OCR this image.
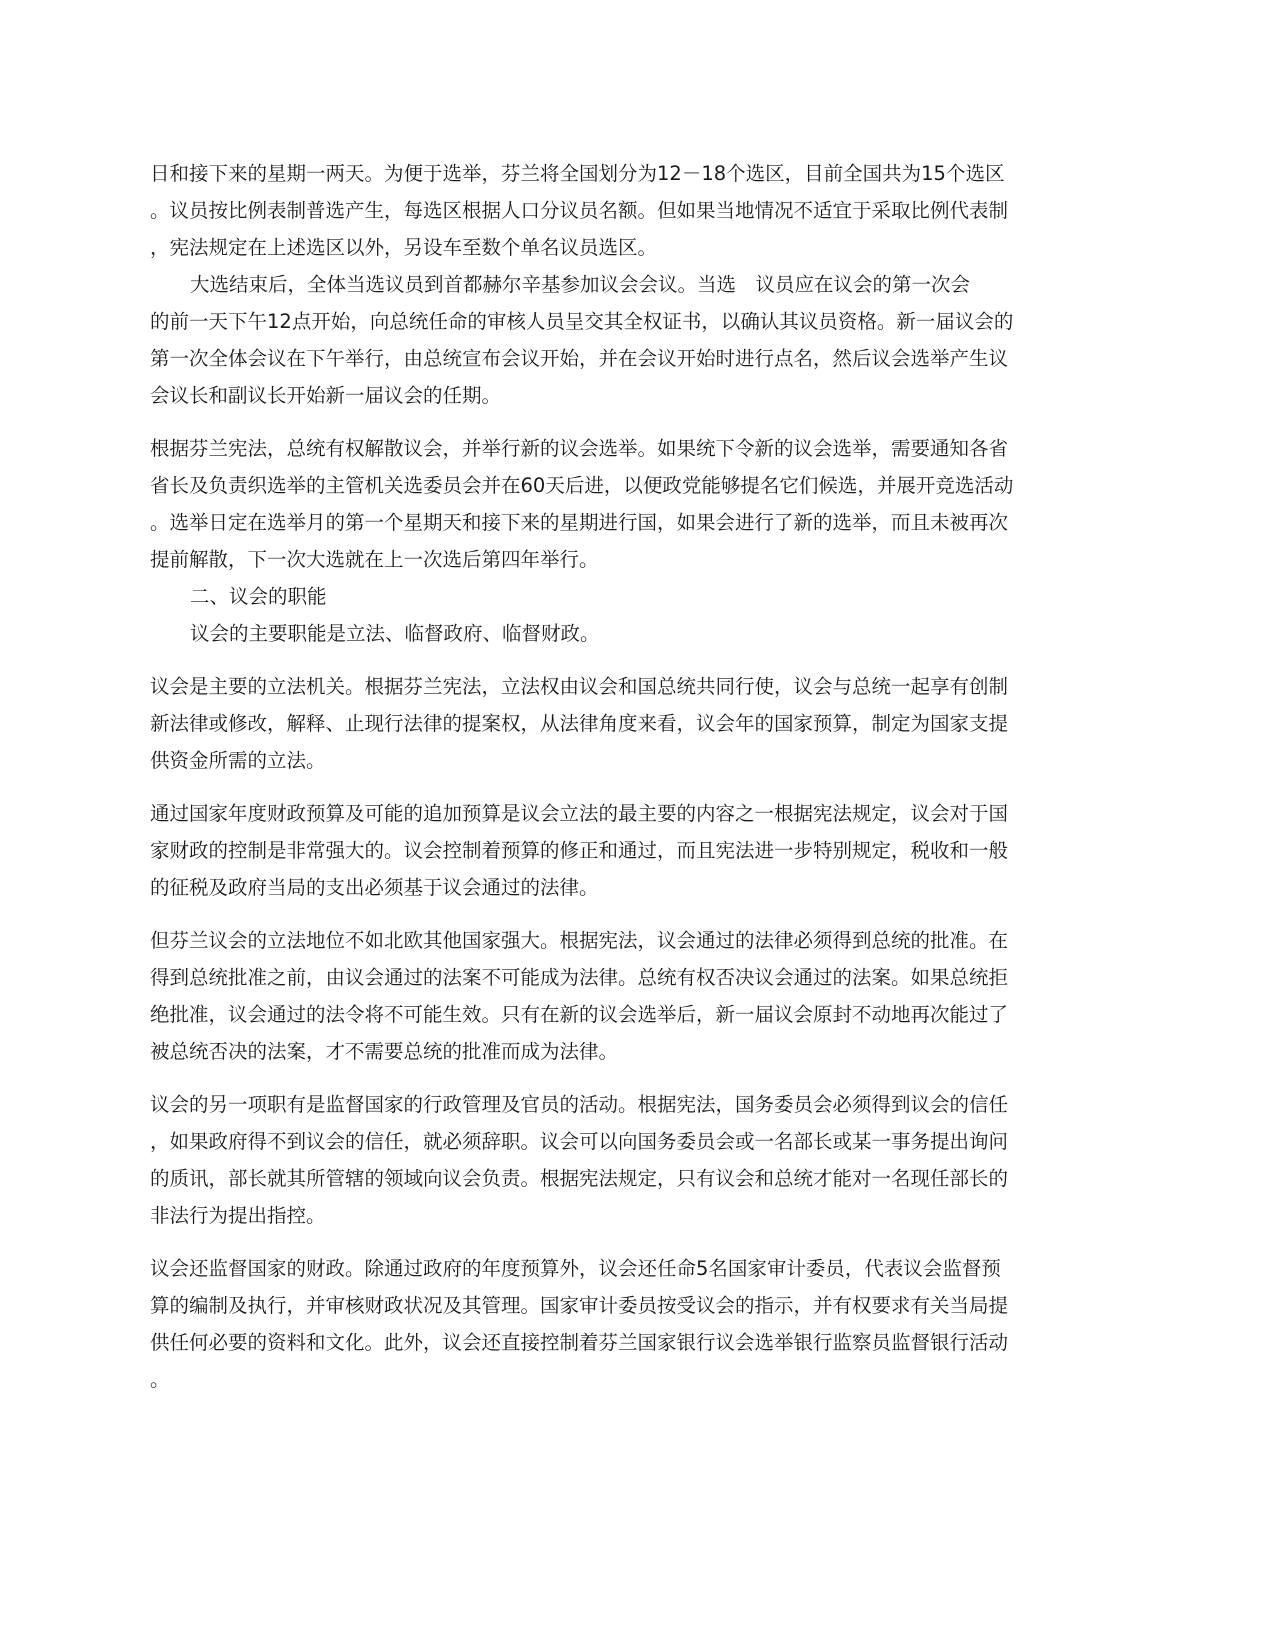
日和接下来的星期一两天。为便于选举，芬兰将全国划分为12－18个选区，目前全国共为15个选区
。议员按比例表制普选产生，每选区根据人口分议员名额。但如果当地情况不适宜于采取比例代表制
，宪法规定在上述选区以外，另设车至数个单名议员选区。
大选结束后，全体当选议员到首都赫尔辛基参加议会会议。当选　议员应在议会的第一次会
的前一天下午12点开始，向总统任命的审核人员呈交其全权证书，以确认其议员资格。新一届议会的
第一次全体会议在下午举行，由总统宣布会议开始，并在会议开始时进行点名，然后议会选举产生议
会议长和副议长开始新一届议会的任期。
根据芬兰宪法，总统有权解散议会，并举行新的议会选举。如果统下令新的议会选举，需要通知各省
省长及负责织选举的主管机关选委员会并在60天后进，以便政党能够提名它们候选，并展开竞选活动
。选举日定在选举月的第一个星期天和接下来的星期进行国，如果会进行了新的选举，而且未被再次
提前解散，下一次大选就在上一次选后第四年举行。
二、议会的职能
议会的主要职能是立法、临督政府、临督财政。
议会是主要的立法机关。根据芬兰宪法，立法权由议会和国总统共同行使，议会与总统一起享有创制
新法律或修改，解释、止现行法律的提案权，从法律角度来看，议会年的国家预算，制定为国家支提
供资金所需的立法。
通过国家年度财政预算及可能的追加预算是议会立法的最主要的内容之一根据宪法规定，议会对于国
家财政的控制是非常强大的。议会控制着预算的修正和通过，而且宪法进一步特别规定，税收和一般
的征税及政府当局的支出必须基于议会通过的法律。
但芬兰议会的立法地位不如北欧其他国家强大。根据宪法，议会通过的法律必须得到总统的批准。在
得到总统批准之前，由议会通过的法案不可能成为法律。总统有权否决议会通过的法案。如果总统拒
绝批准，议会通过的法令将不可能生效。只有在新的议会选举后，新一届议会原封不动地再次能过了
被总统否决的法案，才不需要总统的批准而成为法律。
议会的另一项职有是监督国家的行政管理及官员的活动。根据宪法，国务委员会必须得到议会的信任
，如果政府得不到议会的信任，就必须辞职。议会可以向国务委员会或一名部长或某一事务提出询问
的质讯，部长就其所管辖的领域向议会负责。根据宪法规定，只有议会和总统才能对一名现任部长的
非法行为提出指控。
议会还监督国家的财政。除通过政府的年度预算外，议会还任命5名国家审计委员，代表议会监督预
算的编制及执行，并审核财政状况及其管理。国家审计委员按受议会的指示，并有权要求有关当局提
供任何必要的资料和文化。此外，议会还直接控制着芬兰国家银行议会选举银行监察员监督银行活动
。
